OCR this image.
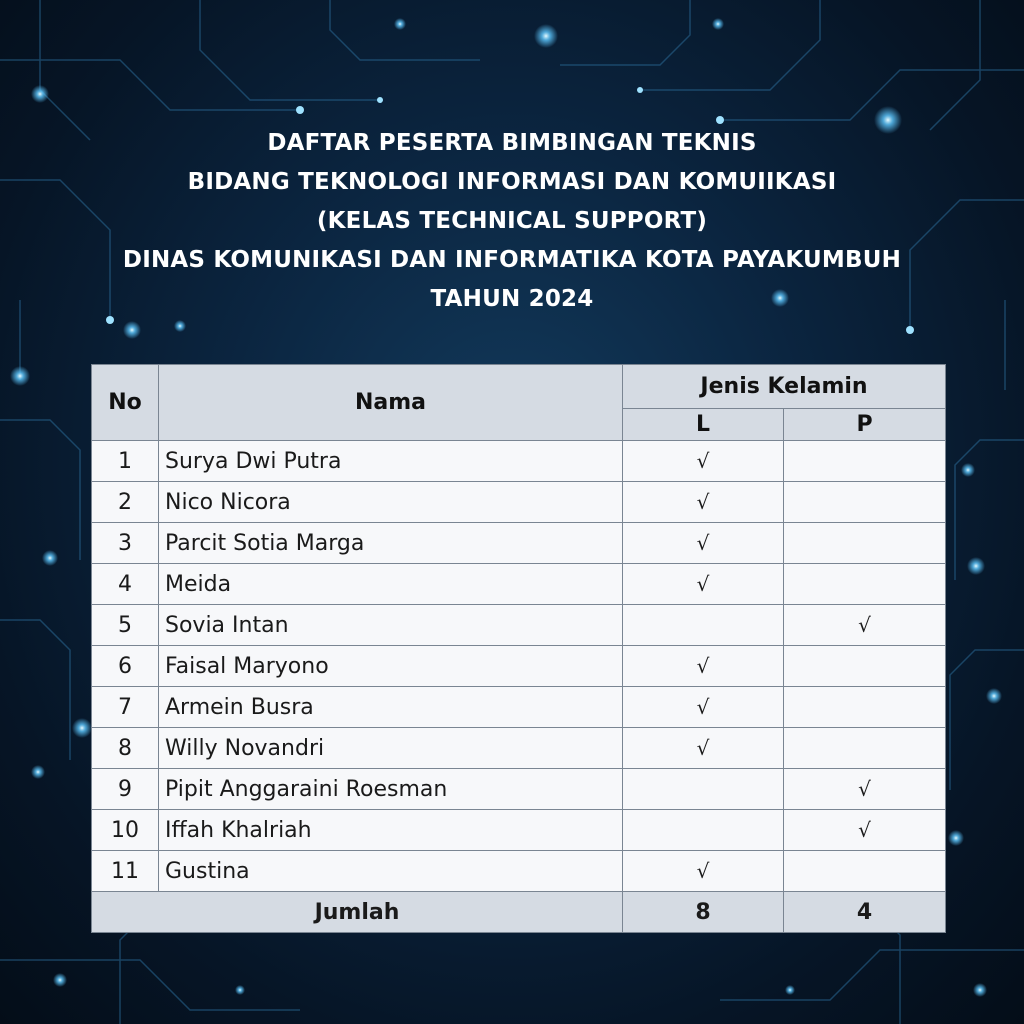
DAFTAR PESERTA BIMBINGAN TEKNIS
BIDANG TEKNOLOGI INFORMASI DAN KOMUIIKASI
(KELAS TECHNICAL SUPPORT)
DINAS KOMUNIKASI DAN INFORMATIKA KOTA PAYAKUMBUH
TAHUN 2024
No	Nama	Jenis Kelamin	
		L	P
1	Surya Dwi Putra	√	
2	Nico Nicora	√	
3	Parcit Sotia Marga	√	
4	Meida	√	
5	Sovia Intan		√
6	Faisal Maryono	√	
7	Armein Busra	√	
8	Willy Novandri	√	
9	Pipit Anggaraini Roesman		√
10	Iffah Khalriah		√
11	Gustina	√	
Jumlah		8	4
